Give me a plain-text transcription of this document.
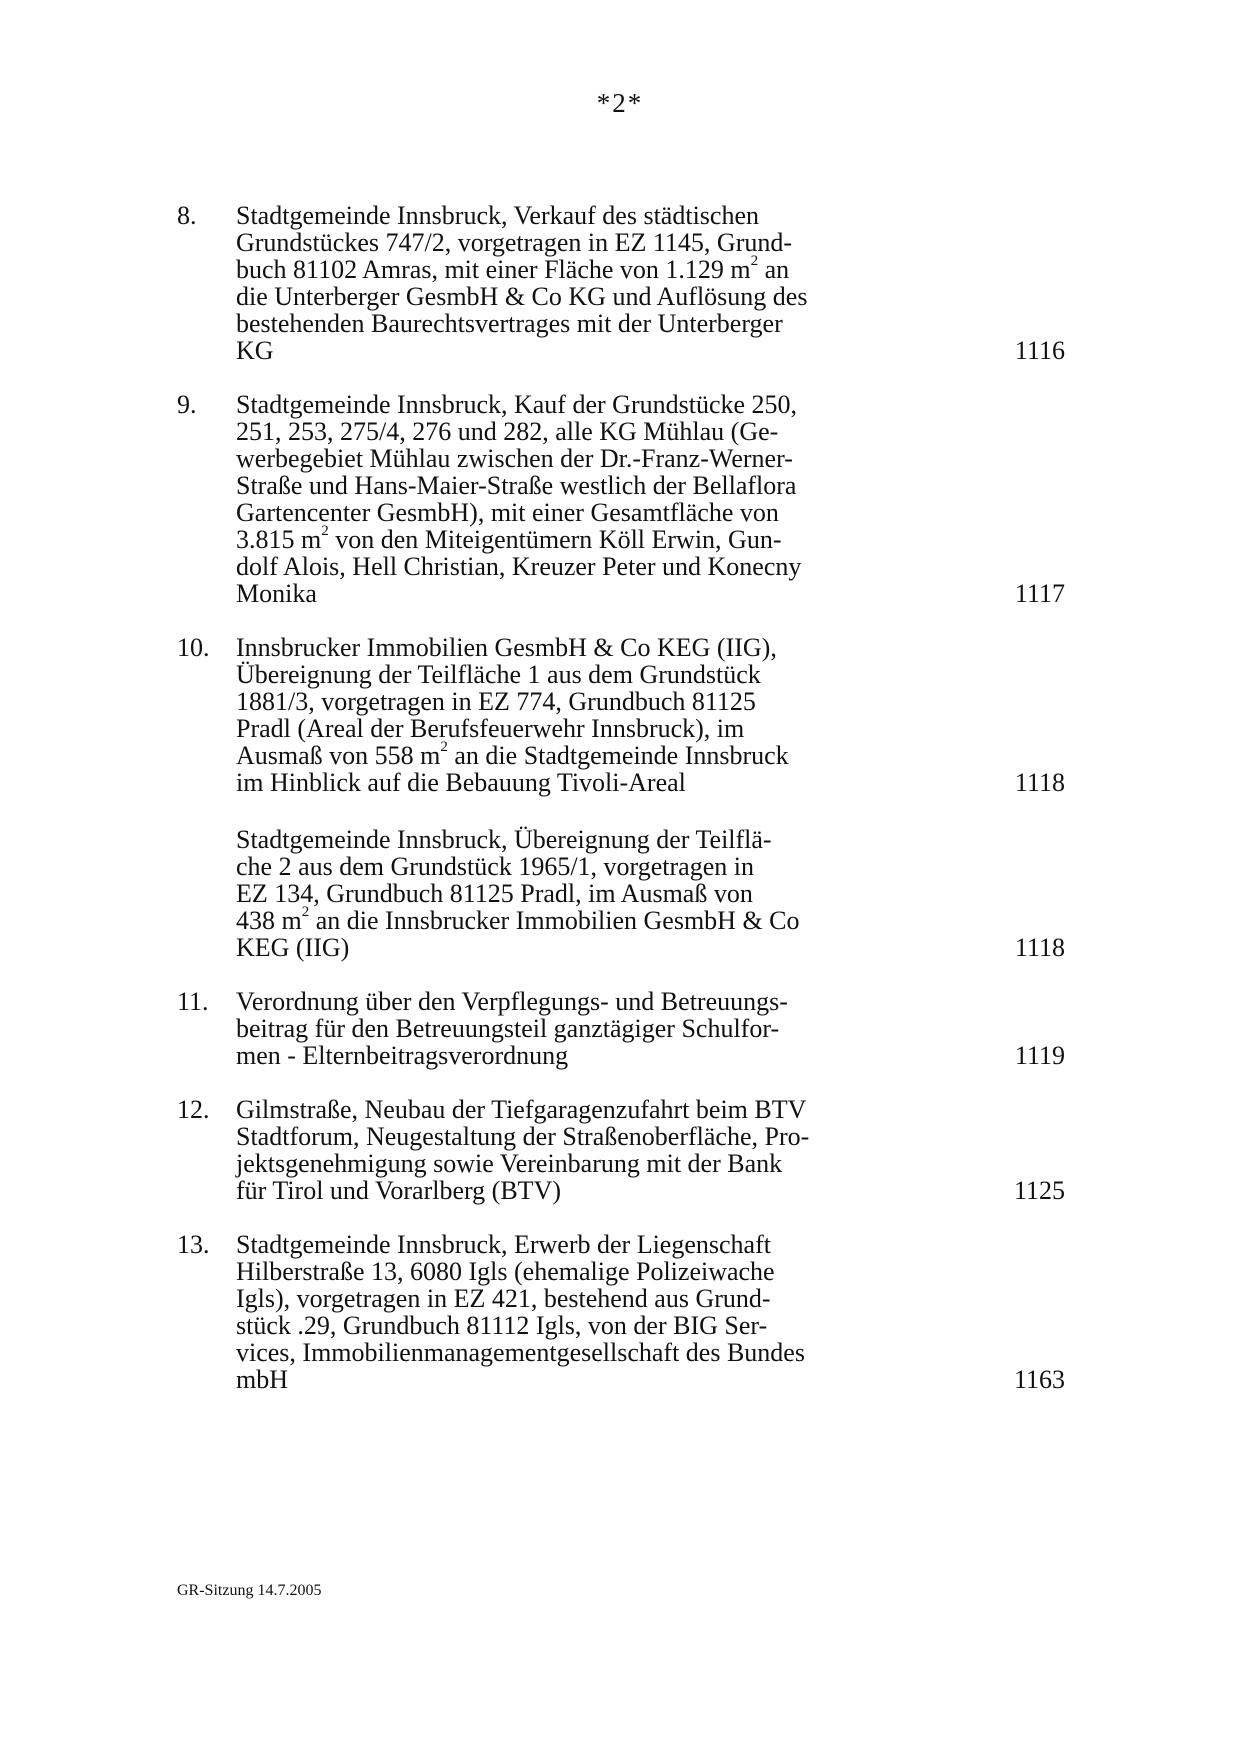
*2*
8.	Stadtgemeinde Innsbruck, Verkauf des städtischen
Grundstückes 747/2, vorgetragen in EZ 1145, Grund-
buch 81102 Amras, mit einer Fläche von 1.129 $m^2$ an
die Unterberger GesmbH & Co KG und Auflösung des
bestehenden Baurechtsvertrages mit der Unterberger
KG	1116
9.	Stadtgemeinde Innsbruck, Kauf der Grundstücke 250,
251, 253, 275/4, 276 und 282, alle KG Mühlau (Ge-
werbegebiet Mühlau zwischen der Dr.-Franz-Werner-
Straße und Hans-Maier-Straße westlich der Bellaflora
Gartencenter GesmbH), mit einer Gesamtfläche von
3.815 $m^2$ von den Miteigentümern Köll Erwin, Gun-
dolf Alois, Hell Christian, Kreuzer Peter und Konecny
Monika	1117
10.	Innsbrucker Immobilien GesmbH & Co KEG (IIG),
Übereignung der Teilfläche 1 aus dem Grundstück
1881/3, vorgetragen in EZ 774, Grundbuch 81125
Pradl (Areal der Berufsfeuerwehr Innsbruck), im
Ausmaß von 558 $m^2$ an die Stadtgemeinde Innsbruck
im Hinblick auf die Bebauung Tivoli-Areal	1118
Stadtgemeinde Innsbruck, Übereignung der Teilflä-
che 2 aus dem Grundstück 1965/1, vorgetragen in
EZ 134, Grundbuch 81125 Pradl, im Ausmaß von
438 $m^2$ an die Innsbrucker Immobilien GesmbH & Co
KEG (IIG)	1118
11.	Verordnung über den Verpflegungs- und Betreuungs-
beitrag für den Betreuungsteil ganztägiger Schulfor-
men - Elternbeitragsverordnung	1119
12.	Gilmstraße, Neubau der Tiefgaragenzufahrt beim BTV
Stadtforum, Neugestaltung der Straßenoberfläche, Pro-
jektsgenehmigung sowie Vereinbarung mit der Bank
für Tirol und Vorarlberg (BTV)	1125
13.	Stadtgemeinde Innsbruck, Erwerb der Liegenschaft
Hilberstraße 13, 6080 Igls (ehemalige Polizeiwache
Igls), vorgetragen in EZ 421, bestehend aus Grund-
stück .29, Grundbuch 81112 Igls, von der BIG Ser-
vices, Immobilienmanagementgesellschaft des Bundes
mbH	1163
GR-Sitzung 14.7.2005
